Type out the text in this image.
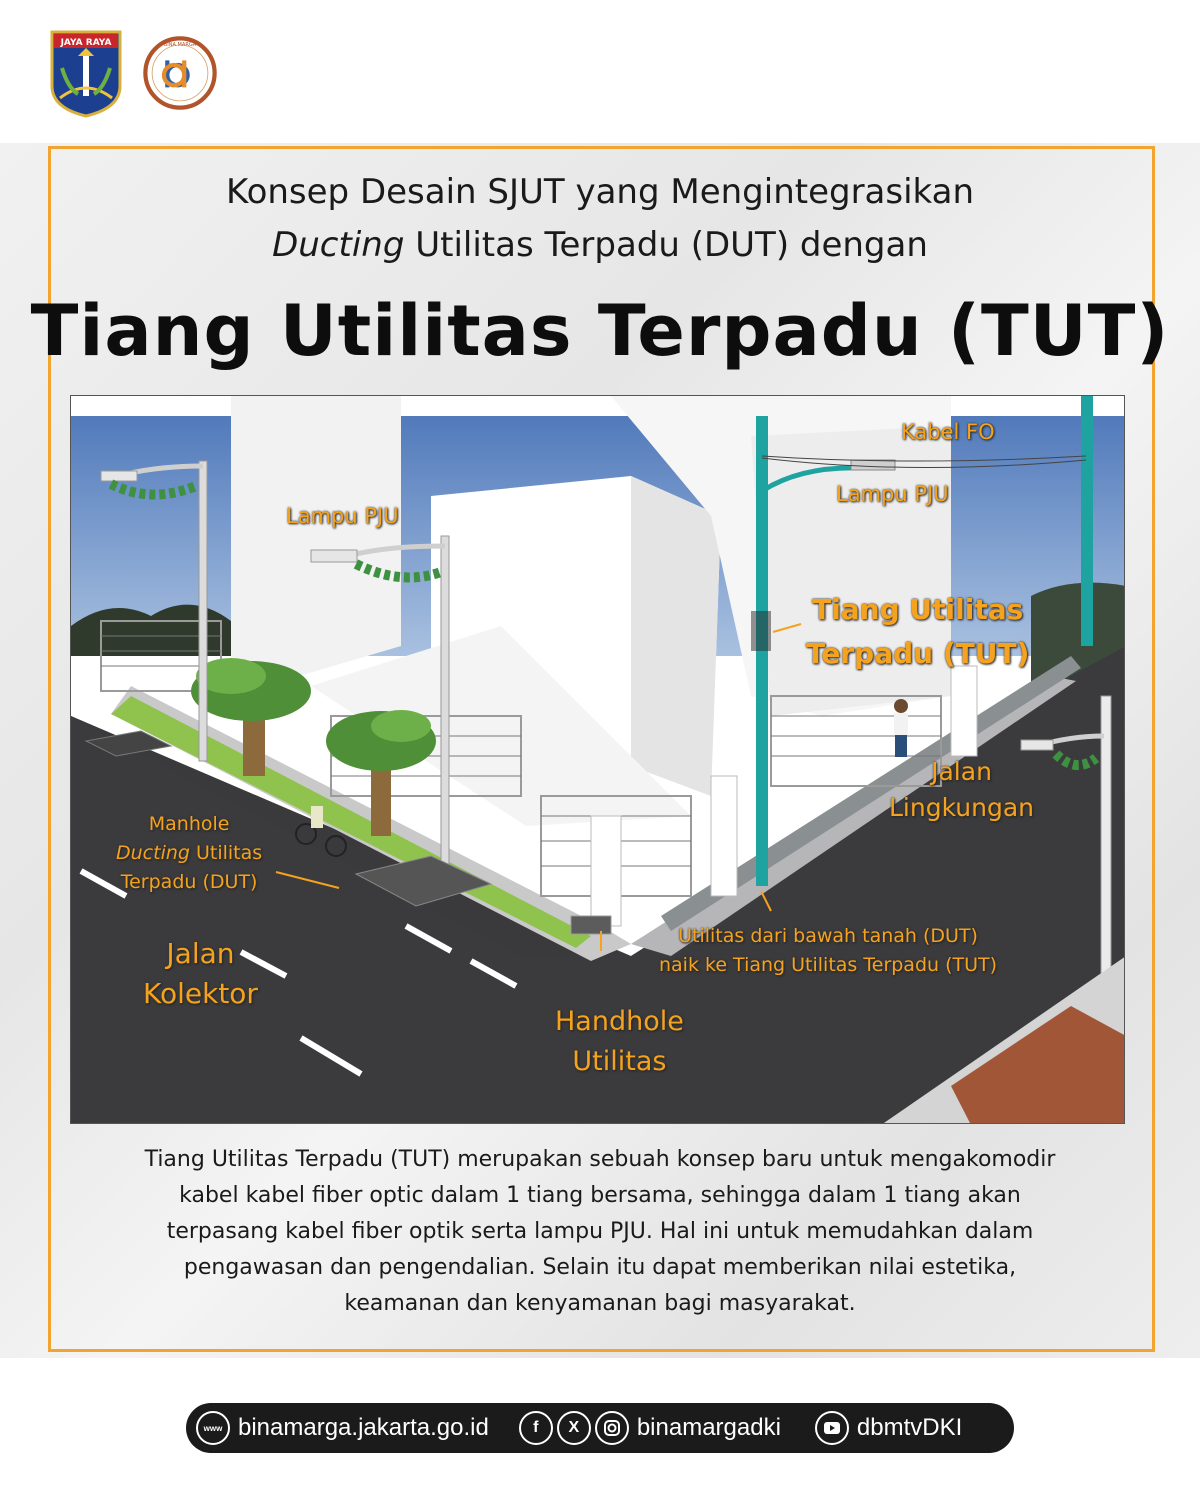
JAYA RAYA	BINA MARGA
Konsep Desain SJUT yang Mengintegrasikan
Ducting Utilitas Terpadu (DUT) dengan
Tiang Utilitas Terpadu (TUT)
Lampu PJU
Kabel FO
Lampu PJU
Tiang Utilitas
Terpadu (TUT)
Jalan
Lingkungan
Manhole
Ducting Utilitas
Terpadu (DUT)
Utilitas dari bawah tanah (DUT)
naik ke Tiang Utilitas Terpadu (TUT)
Jalan
Kolektor
Handhole
Utilitas
Tiang Utilitas Terpadu (TUT) merupakan sebuah konsep baru untuk mengakomodir
kabel kabel fiber optic dalam 1 tiang bersama, sehingga dalam 1 tiang akan
terpasang kabel fiber optik serta lampu PJU. Hal ini untuk memudahkan dalam
pengawasan dan pengendalian. Selain itu dapat memberikan nilai estetika,
keamanan dan kenyamanan bagi masyarakat.
www binamarga.jakarta.go.id	f	X	binamargadki	dbmtvDKI
